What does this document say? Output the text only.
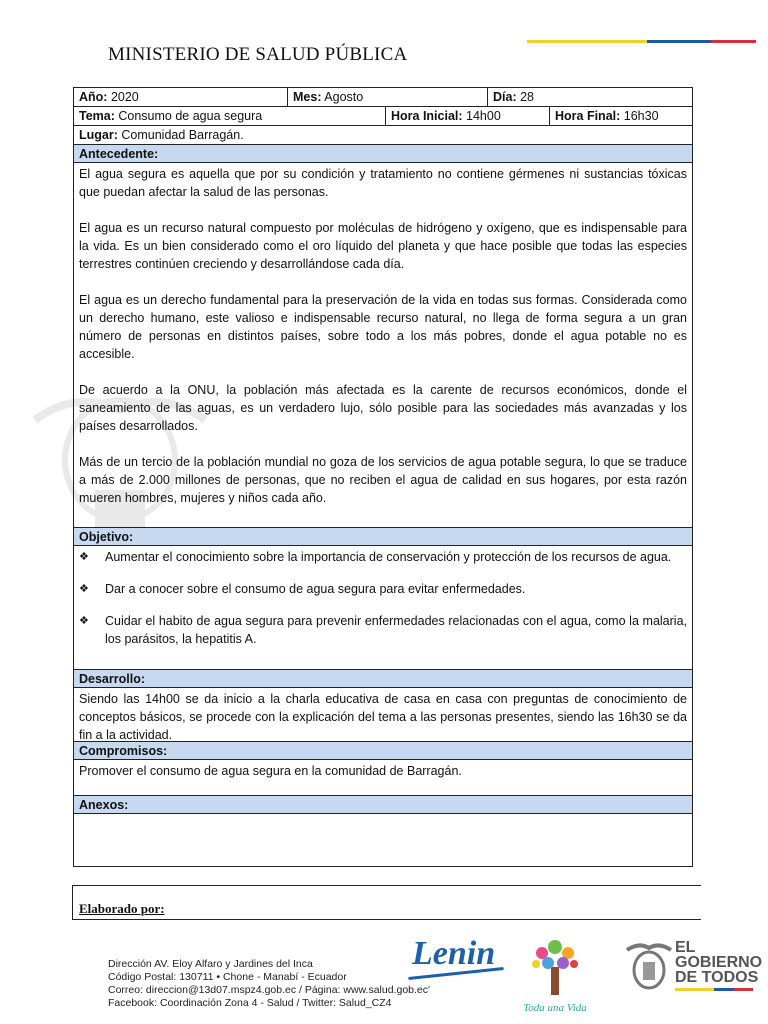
MINISTERIO DE SALUD PÚBLICA
Año: 2020	Mes: Agosto	Día: 28
Tema: Consumo de agua segura	Hora Inicial: 14h00	Hora Final: 16h30
Lugar: Comunidad Barragán.
Antecedente:

El agua segura es aquella que por su condición y tratamiento no contiene gérmenes ni sustancias tóxicas que puedan afectar la salud de las personas.

El agua es un recurso natural compuesto por moléculas de hidrógeno y oxígeno, que es indispensable para la vida. Es un bien considerado como el oro líquido del planeta y que hace posible que todas las especies terrestres continúen creciendo y desarrollándose cada día.

El agua es un derecho fundamental para la preservación de la vida en todas sus formas. Considerada como un derecho humano, este valioso e indispensable recurso natural, no llega de forma segura a un gran número de personas en distintos países, sobre todo a los más pobres, donde el agua potable no es accesible.

De acuerdo a la ONU, la población más afectada es la carente de recursos económicos, donde el saneamiento de las aguas, es un verdadero lujo, sólo posible para las sociedades más avanzadas y los países desarrollados.

Más de un tercio de la población mundial no goza de los servicios de agua potable segura, lo que se traduce a más de 2.000 millones de personas, que no reciben el agua de calidad en sus hogares, por esta razón mueren hombres, mujeres y niños cada año.

Objetivo:
❖	Aumentar el conocimiento sobre la importancia de conservación y protección de los recursos de agua.
❖	Dar a conocer sobre el consumo de agua segura para evitar enfermedades.
❖	Cuidar el habito de agua segura para prevenir enfermedades relacionadas con el agua, como la malaria, los parásitos, la hepatitis A.
Desarrollo:

Siendo las 14h00 se da inicio a la charla educativa de casa en casa con preguntas de conocimiento de conceptos básicos, se procede con la explicación del tema a las personas presentes, siendo las 16h30 se da fin a la actividad.

Compromisos:

Promover el consumo de agua segura en la comunidad de Barragán.

Anexos:
Elaborado por:
Lenin
Dirección AV. Eloy Alfaro y Jardines del Inca
Código Postal: 130711 • Chone - Manabí - Ecuador
Correo: direccion@13d07.mspz4.gob.ec / Página: www.salud.gob.ec'
Facebook: Coordinación Zona 4 - Salud / Twitter: Salud_CZ4	Toda una Vida
EL
GOBIERNO
DE TODOS
